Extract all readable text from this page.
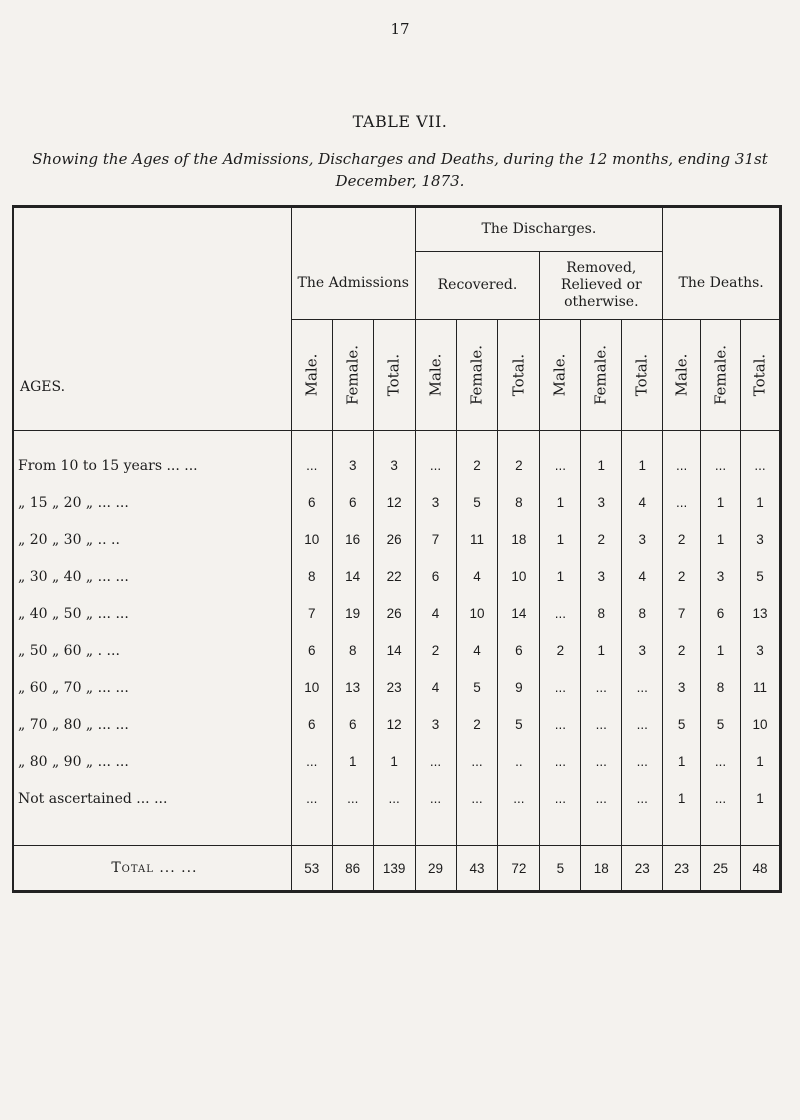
17
TABLE VII.
Showing the Ages of the Admissions, Discharges and Deaths, during the 12 months, ending 31st
December, 1873.
AGES.	The Admissions			The Discharges.						The Deaths.		
				Recovered.			Removed,
Relieved or
otherwise.					

	Male.	Female.	Total.	Male.	Female.	Total.	Male.	Female.	Total.	Male.	Female.	Total.

From 10 to 15 years ... ...	...	3	3	...	2	2	...	1	1	...	...	...
„ 15 „ 20 „ ... ...	6	6	12	3	5	8	1	3	4	...	1	1
„ 20 „ 30 „ .. ..	10	16	26	7	11	18	1	2	3	2	1	3
„ 30 „ 40 „ ... ...	8	14	22	6	4	10	1	3	4	2	3	5
„ 40 „ 50 „ ... ...	7	19	26	4	10	14	...	8	8	7	6	13
„ 50 „ 60 „ . ...	6	8	14	2	4	6	2	1	3	2	1	3
„ 60 „ 70 „ ... ...	10	13	23	4	5	9	...	...	...	3	8	11
„ 70 „ 80 „ ... ...	6	6	12	3	2	5	...	...	...	5	5	10
„ 80 „ 90 „ ... ...	...	1	1	...	...	..	...	...	...	1	...	1
Not ascertained ... ...	...	...	...	...	...	...	...	...	...	1	...	1

Total ... ...	53	86	139	29	43	72	5	18	23	23	25	48
